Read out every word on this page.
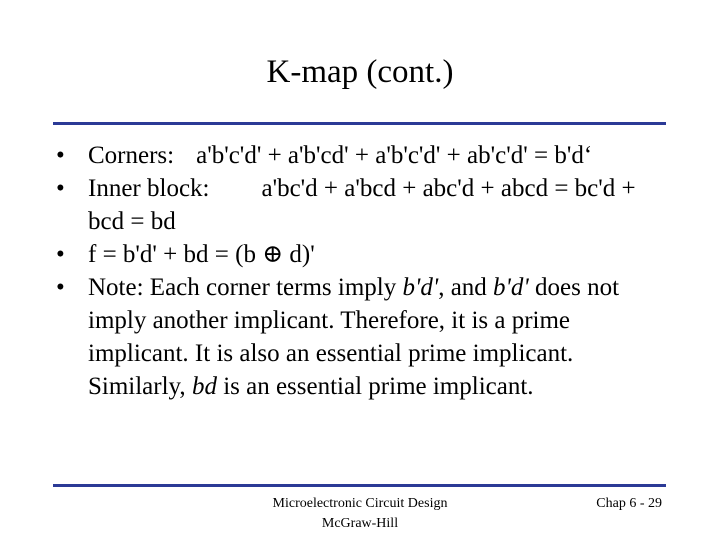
K-map (cont.)
• Corners: a'b'c'd' + a'b'cd' + a'b'c'd' + ab'c'd' = b'd‘
• Inner block: a'bc'd + a'bcd + abc'd + abcd = bc'd + bcd = bd
• f = b'd' + bd = (b ⊕ d)'
• Note: Each corner terms imply b'd', and b'd' does not imply another implicant. Therefore, it is a prime implicant. It is also an essential prime implicant. Similarly, bd is an essential prime implicant.
Microelectronic Circuit Design
McGraw-Hill
Chap 6 - 29
